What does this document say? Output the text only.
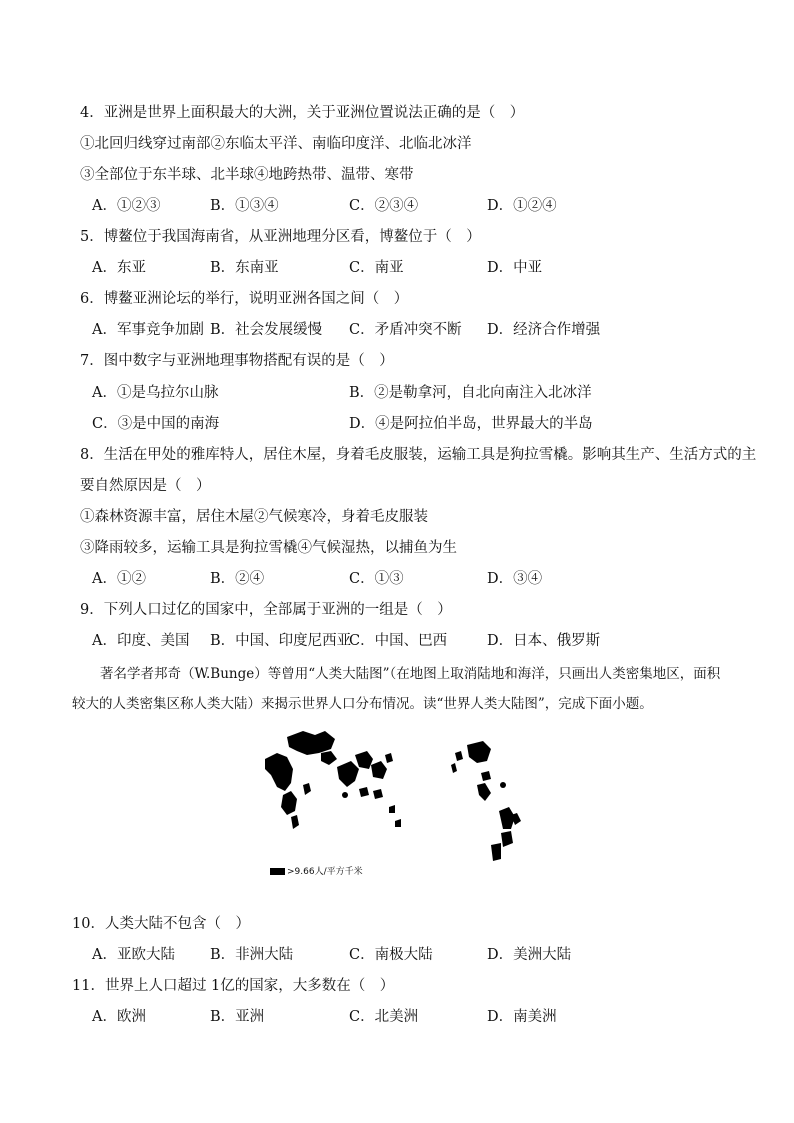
4．亚洲是世界上面积最大的大洲，关于亚洲位置说法正确的是（　）
①北回归线穿过南部②东临太平洋、南临印度洋、北临北冰洋
③全部位于东半球、北半球④地跨热带、温带、寒带
A．①②③	B．①③④	C．②③④	D．①②④
5．博鳌位于我国海南省，从亚洲地理分区看，博鳌位于（　）
A．东亚	B．东南亚	C．南亚	D．中亚
6．博鳌亚洲论坛的举行，说明亚洲各国之间（　）
A．军事竞争加剧 B．社会发展缓慢 C．矛盾冲突不断 D．经济合作增强
7．图中数字与亚洲地理事物搭配有误的是（　）
A．①是乌拉尔山脉	B．②是勒拿河，自北向南注入北冰洋
C．③是中国的南海	D．④是阿拉伯半岛，世界最大的半岛
8．生活在甲处的雅库特人，居住木屋，身着毛皮服装，运输工具是狗拉雪橇。影响其生产、生活方式的主
要自然原因是（　）
①森林资源丰富，居住木屋②气候寒冷，身着毛皮服装
③降雨较多，运输工具是狗拉雪橇④气候湿热，以捕鱼为生
A．①②	B．②④	C．①③	D．③④
9．下列人口过亿的国家中，全部属于亚洲的一组是（　）
A．印度、美国 B．中国、印度尼西亚
C．中国、巴西	D．日本、俄罗斯
著名学者邦奇（W.Bunge）等曾用“人类大陆图”（在地图上取消陆地和海洋，只画出人类密集地区，面积较大的人类密集区称人类大陆）来揭示世界人口分布情况。读“世界人类大陆图”，完成下面小题。
>9.66人/平方千米
10．人类大陆不包含（　）
A．亚欧大陆 B．非洲大陆	C．南极大陆	D．美洲大陆
11．世界上人口超过 1亿的国家，大多数在（　）
A．欧洲	B．亚洲	C．北美洲	D．南美洲
